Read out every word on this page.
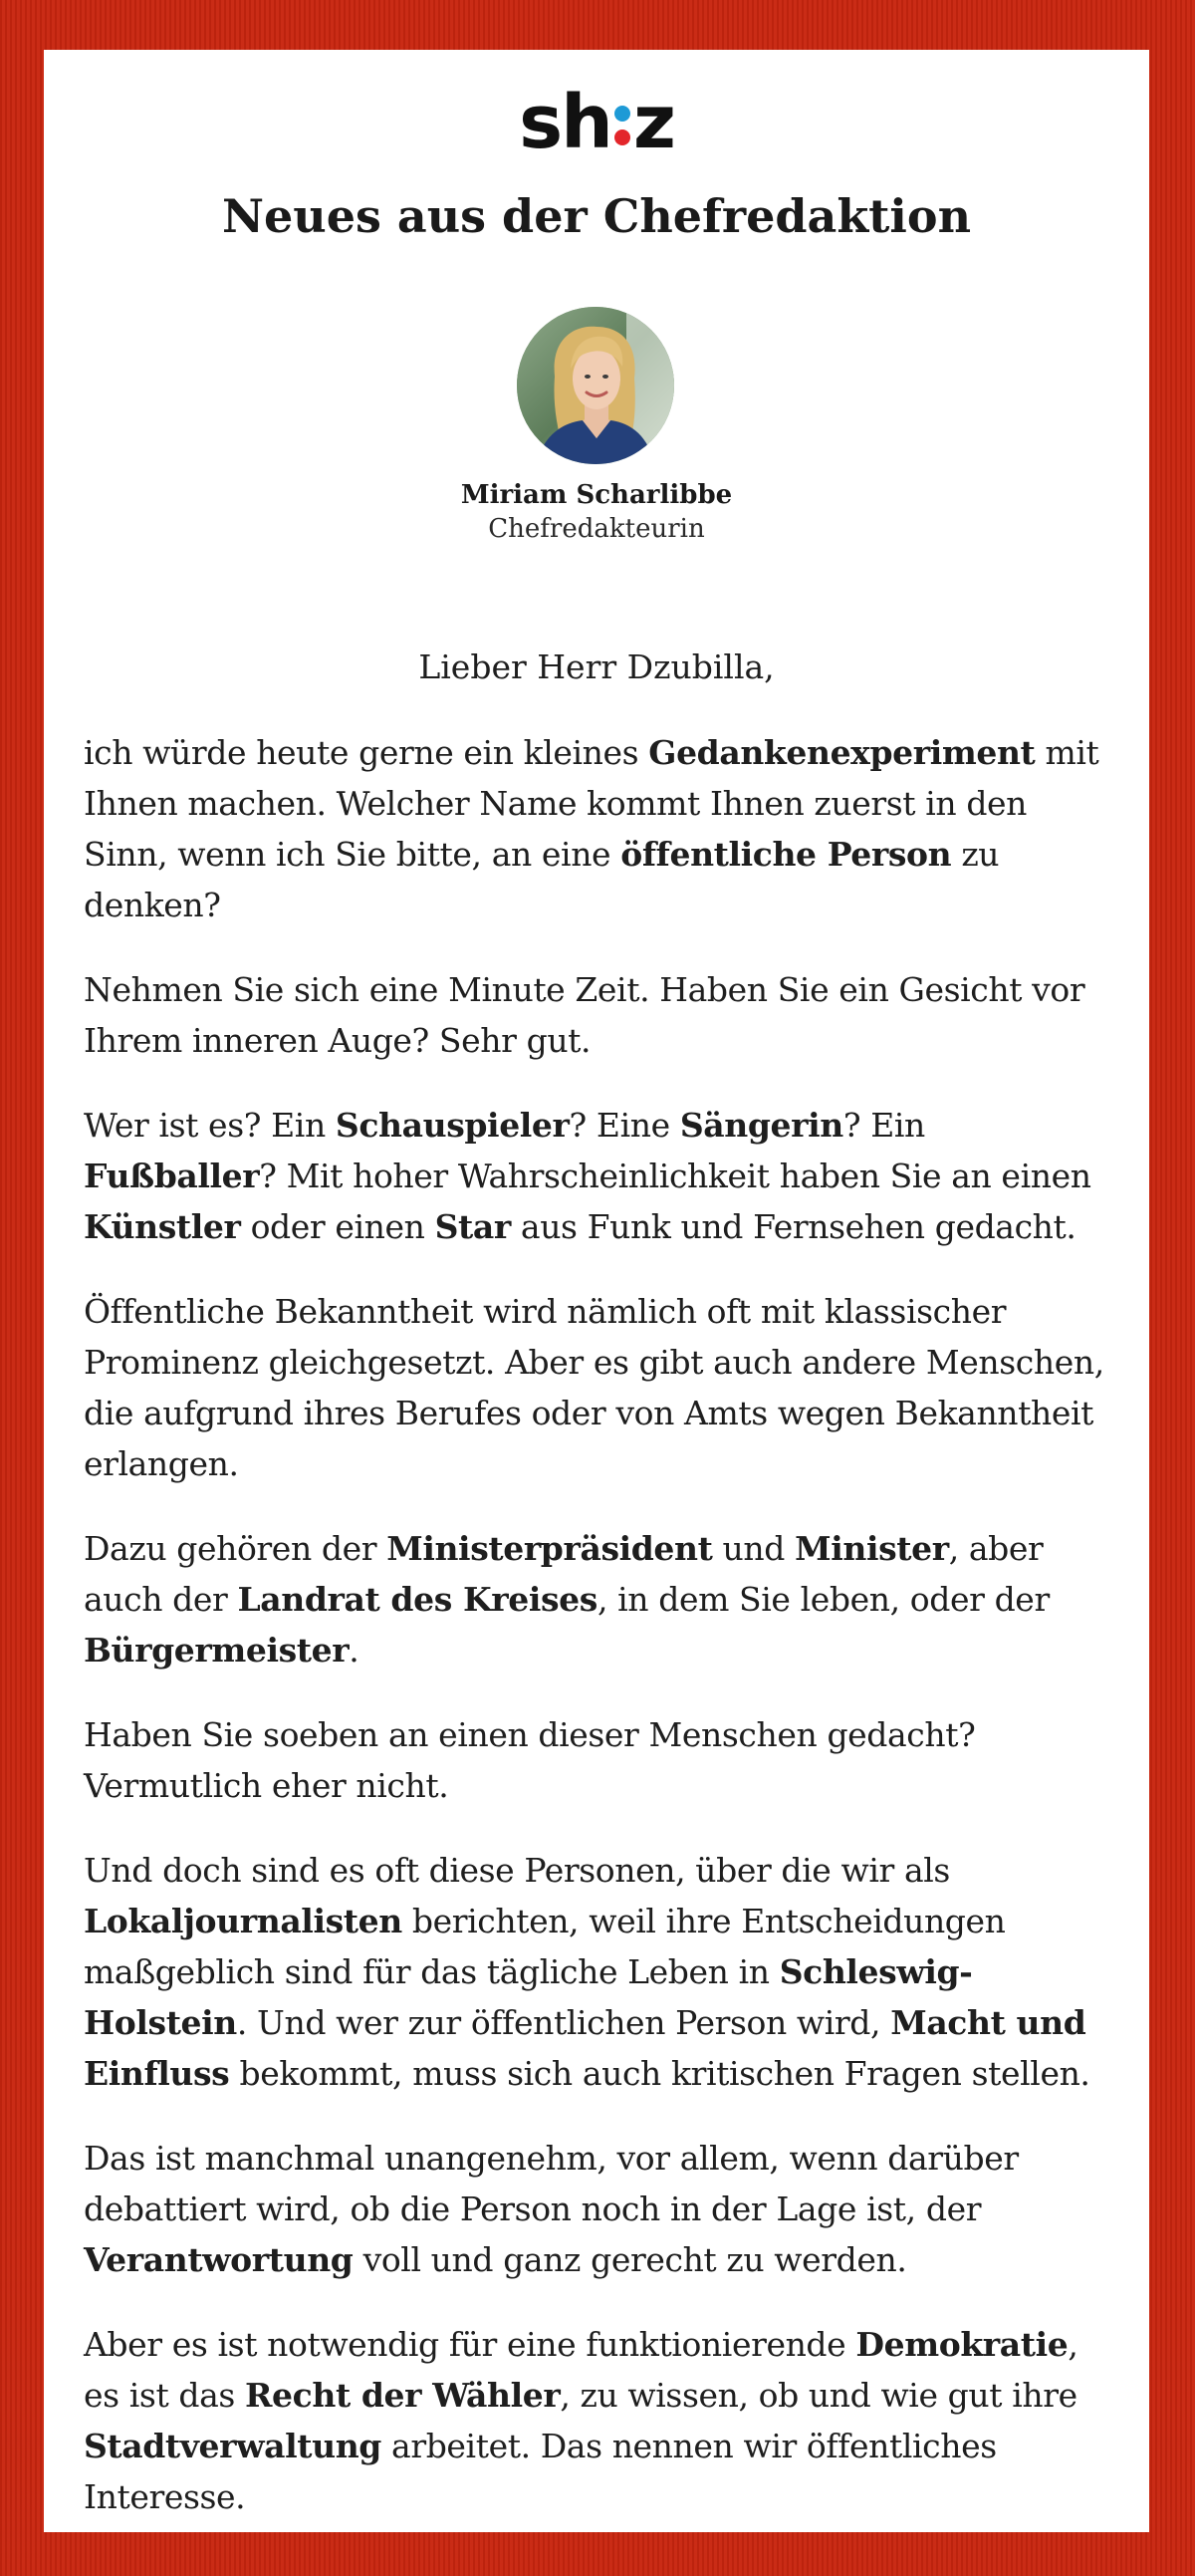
sh z
Neues aus der Chefredaktion
Miriam Scharlibbe
Chefredakteurin
Lieber Herr Dzubilla,

ich würde heute gerne ein kleines Gedankenexperiment mit Ihnen machen. Welcher Name kommt Ihnen zuerst in den Sinn, wenn ich Sie bitte, an eine öffentliche Person zu denken?

Nehmen Sie sich eine Minute Zeit. Haben Sie ein Gesicht vor Ihrem inneren Auge? Sehr gut.

Wer ist es? Ein Schauspieler? Eine Sängerin? Ein Fußballer? Mit hoher Wahrscheinlichkeit haben Sie an einen Künstler oder einen Star aus Funk und Fernsehen gedacht.

Öffentliche Bekanntheit wird nämlich oft mit klassischer Prominenz gleichgesetzt. Aber es gibt auch andere Menschen, die aufgrund ihres Berufes oder von Amts wegen Bekanntheit erlangen.

Dazu gehören der Ministerpräsident und Minister, aber auch der Landrat des Kreises, in dem Sie leben, oder der Bürgermeister.

Haben Sie soeben an einen dieser Menschen gedacht? Vermutlich eher nicht.

Und doch sind es oft diese Personen, über die wir als Lokaljournalisten berichten, weil ihre Entscheidungen maßgeblich sind für das tägliche Leben in Schleswig-Holstein. Und wer zur öffentlichen Person wird, Macht und Einfluss bekommt, muss sich auch kritischen Fragen stellen.

Das ist manchmal unangenehm, vor allem, wenn darüber debattiert wird, ob die Person noch in der Lage ist, der Verantwortung voll und ganz gerecht zu werden.

Aber es ist notwendig für eine funktionierende Demokratie, es ist das Recht der Wähler, zu wissen, ob und wie gut ihre Stadtverwaltung arbeitet. Das nennen wir öffentliches Interesse.
